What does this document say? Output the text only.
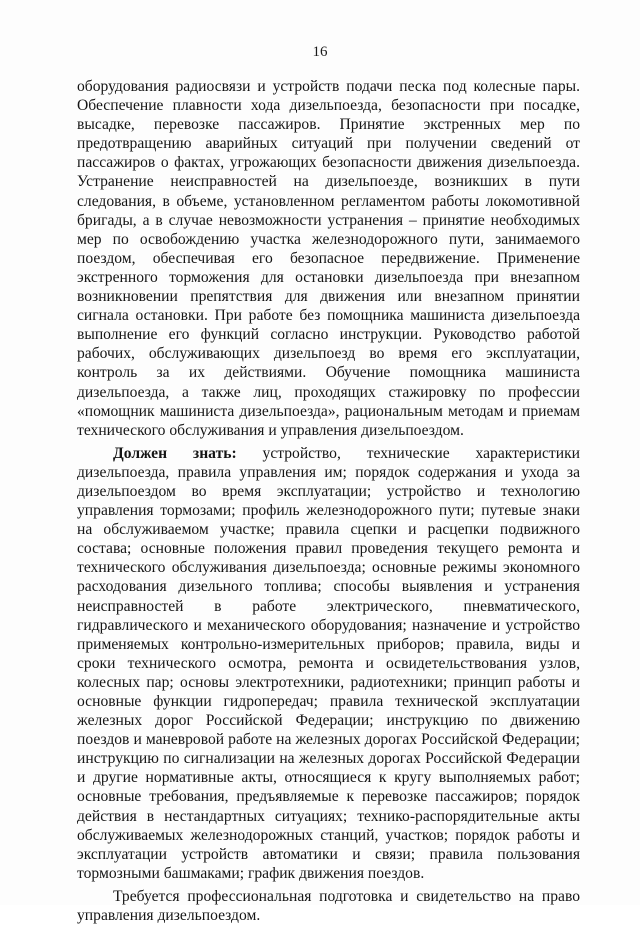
16

оборудования радиосвязи и устройств подачи песка под колесные пары. Обеспечение плавности хода дизельпоезда, безопасности при посадке, высадке, перевозке пассажиров. Принятие экстренных мер по предотвращению аварийных ситуаций при получении сведений от пассажиров о фактах, угрожающих безопасности движения дизельпоезда. Устранение неисправностей на дизельпоезде, возникших в пути следования, в объеме, установленном регламентом работы локомотивной бригады, а в случае невозможности устранения – принятие необходимых мер по освобождению участка железнодорожного пути, занимаемого поездом, обеспечивая его безопасное передвижение. Применение экстренного торможения для остановки дизельпоезда при внезапном возникновении препятствия для движения или внезапном принятии сигнала остановки. При работе без помощника машиниста дизельпоезда выполнение его функций согласно инструкции. Руководство работой рабочих, обслуживающих дизельпоезд во время его эксплуатации, контроль за их действиями. Обучение помощника машиниста дизельпоезда, а также лиц, проходящих стажировку по профессии «помощник машиниста дизельпоезда», рациональным методам и приемам технического обслуживания и управления дизельпоездом.

Должен знать: устройство, технические характеристики дизельпоезда, правила управления им; порядок содержания и ухода за дизельпоездом во время эксплуатации; устройство и технологию управления тормозами; профиль железнодорожного пути; путевые знаки на обслуживаемом участке; правила сцепки и расцепки подвижного состава; основные положения правил проведения текущего ремонта и технического обслуживания дизельпоезда; основные режимы экономного расходования дизельного топлива; способы выявления и устранения неисправностей в работе электрического, пневматического, гидравлического и механического оборудования; назначение и устройство применяемых контрольно-измерительных приборов; правила, виды и сроки технического осмотра, ремонта и освидетельствования узлов, колесных пар; основы электротехники, радиотехники; принцип работы и основные функции гидропередач; правила технической эксплуатации железных дорог Российской Федерации; инструкцию по движению поездов и маневровой работе на железных дорогах Российской Федерации; инструкцию по сигнализации на железных дорогах Российской Федерации и другие нормативные акты, относящиеся к кругу выполняемых работ; основные требования, предъявляемые к перевозке пассажиров; порядок действия в нестандартных ситуациях; технико-распорядительные акты обслуживаемых железнодорожных станций, участков; порядок работы и эксплуатации устройств автоматики и связи; правила пользования тормозными башмаками; график движения поездов.

Требуется профессиональная подготовка и свидетельство на право управления дизельпоездом.
